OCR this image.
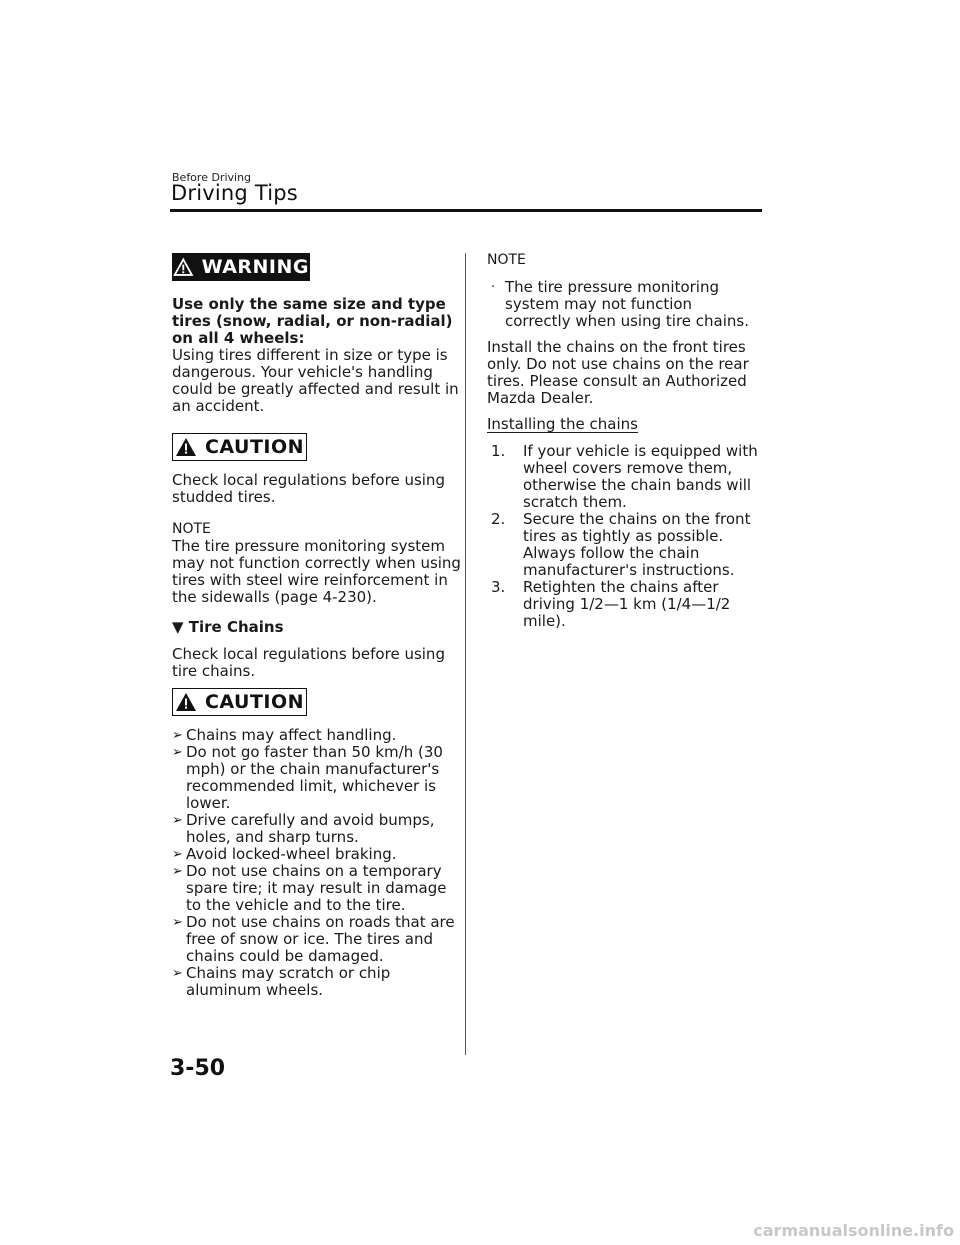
Before Driving
Driving Tips
WARNING

Use only the same size and type tires (snow, radial, or non-radial) on all 4 wheels:

Using tires different in size or type is dangerous. Your vehicle's handling could be greatly affected and result in an accident.

CAUTION
Check local regulations before using studded tires.
NOTE
The tire pressure monitoring system may not function correctly when using tires with steel wire reinforcement in the sidewalls (page 4-230).
▼ Tire Chains
Check local regulations before using tire chains.
CAUTION
➢ Chains may affect handling.
➢ Do not go faster than 50 km/h (30 mph) or the chain manufacturer's recommended limit, whichever is lower.
➢ Drive carefully and avoid bumps, holes, and sharp turns.
➢ Avoid locked-wheel braking.
➢ Do not use chains on a temporary spare tire; it may result in damage to the vehicle and to the tire.
➢ Do not use chains on roads that are free of snow or ice. The tires and chains could be damaged.
➢ Chains may scratch or chip aluminum wheels.
NOTE
· The tire pressure monitoring system may not function correctly when using tire chains.
Install the chains on the front tires only. Do not use chains on the rear tires. Please consult an Authorized Mazda Dealer.
Installing the chains
1. If your vehicle is equipped with wheel covers remove them, otherwise the chain bands will scratch them.
2. Secure the chains on the front tires as tightly as possible.
Always follow the chain manufacturer's instructions.
3. Retighten the chains after driving 1/2—1 km (1/4—1/2 mile).
3-50
carmanualsonline.info
